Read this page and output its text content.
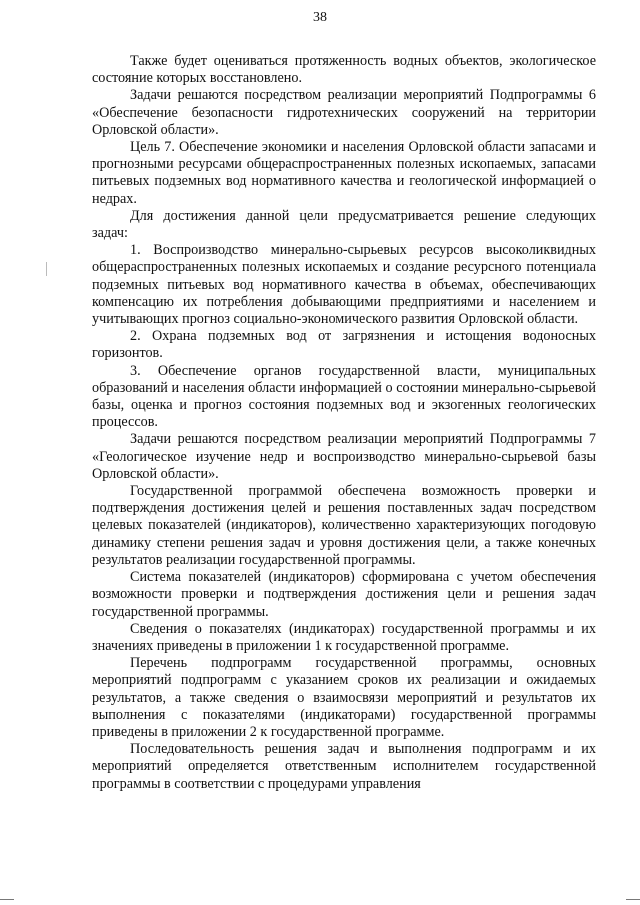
38

Также будет оцениваться протяженность водных объектов, экологическое состояние которых восстановлено.

Задачи решаются посредством реализации мероприятий Подпрограммы 6 «Обеспечение безопасности гидротехнических сооружений на территории Орловской области».

Цель 7. Обеспечение экономики и населения Орловской области запасами и прогнозными ресурсами общераспространенных полезных ископаемых, запасами питьевых подземных вод нормативного качества и геологической информацией о недрах.

Для достижения данной цели предусматривается решение следующих задач:

1. Воспроизводство минерально-сырьевых ресурсов высоколиквидных общераспространенных полезных ископаемых и создание ресурсного потенциала подземных питьевых вод нормативного качества в объемах, обеспечивающих компенсацию их потребления добывающими предприятиями и населением и учитывающих прогноз социально-экономического развития Орловской области.

2. Охрана подземных вод от загрязнения и истощения водоносных горизонтов.

3. Обеспечение органов государственной власти, муниципальных образований и населения области информацией о состоянии минерально-сырьевой базы, оценка и прогноз состояния подземных вод и экзогенных геологических процессов.

Задачи решаются посредством реализации мероприятий Подпрограммы 7 «Геологическое изучение недр и воспроизводство минерально-сырьевой базы Орловской области».

Государственной программой обеспечена возможность проверки и подтверждения достижения целей и решения поставленных задач посредством целевых показателей (индикаторов), количественно характеризующих погодовую динамику степени решения задач и уровня достижения цели, а также конечных результатов реализации государственной программы.

Система показателей (индикаторов) сформирована с учетом обеспечения возможности проверки и подтверждения достижения цели и решения задач государственной программы.

Сведения о показателях (индикаторах) государственной программы и их значениях приведены в приложении 1 к государственной программе.

Перечень подпрограмм государственной программы, основных мероприятий подпрограмм с указанием сроков их реализации и ожидаемых результатов, а также сведения о взаимосвязи мероприятий и результатов их выполнения с показателями (индикаторами) государственной программы приведены в приложении 2 к государственной программе.

Последовательность решения задач и выполнения подпрограмм и их мероприятий определяется ответственным исполнителем государственной программы в соответствии с процедурами управления
